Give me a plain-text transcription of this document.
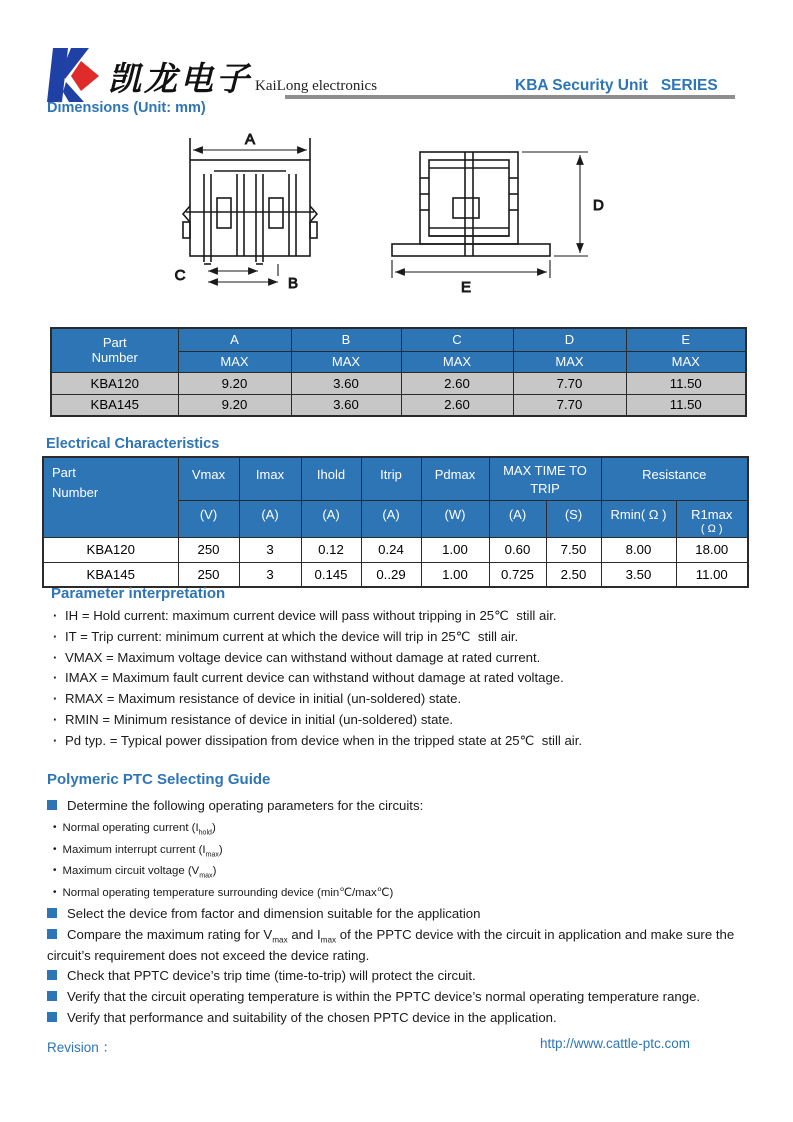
凯龙电子 KaiLong electronics	KBA Security Unit   SERIES
Dimensions (Unit: mm)
A
C	B
D
E
Part
Number	A	B	C	D	E
	MAX	MAX	MAX	MAX	MAX
KBA120	9.20	3.60	2.60	7.70	11.50
KBA145	9.20	3.60	2.60	7.70	11.50
Electrical Characteristics
Part
Number
	Vmax	Imax	Ihold	Itrip	Pdmax	MAX TIME TO
TRIP
	Resistance
	(V)	(A)	(A)	(A)	(W)	(A)	(S)	Rmin( Ω )	R1max
( Ω )

KBA120	250	3	0.12	0.24	1.00	0.60	7.50	8.00	18.00
KBA145	250	3	0.145	0..29	1.00	0.725	2.50	3.50	11.00
Parameter interpretation
·
IH = Hold current: maximum current device will pass without tripping in 25℃  still air.
·
IT = Trip current: minimum current at which the device will trip in 25℃  still air.
·
VMAX = Maximum voltage device can withstand without damage at rated current.
·
IMAX = Maximum fault current device can withstand without damage at rated voltage.
·
RMAX = Maximum resistance of device in initial (un-soldered) state.
·
RMIN = Minimum resistance of device in initial (un-soldered) state.
·
Pd typ. = Typical power dissipation from device when in the tripped state at 25℃  still air.
Polymeric PTC Selecting Guide
Determine the following operating parameters for the circuits:
•Normal operating current $(I_{hold})$
•Maximum interrupt current $(I_{max})$
•Maximum circuit voltage $(V_{max})$
•Normal operating temperature surrounding device (min℃/max℃)
Select the device from factor and dimension suitable for the application
Compare the maximum rating for $V_{max}$ and $I_{max}$ of the PPTC device with the circuit in application and make sure the circuit’s requirement does not exceed the device rating.
Check that PPTC device’s trip time (time-to-trip) will protect the circuit.
Verify that the circuit operating temperature is within the PPTC device’s normal operating temperature range.
Verify that performance and suitability of the chosen PPTC device in the application.
Revision ：	http://www.cattle-ptc.com
